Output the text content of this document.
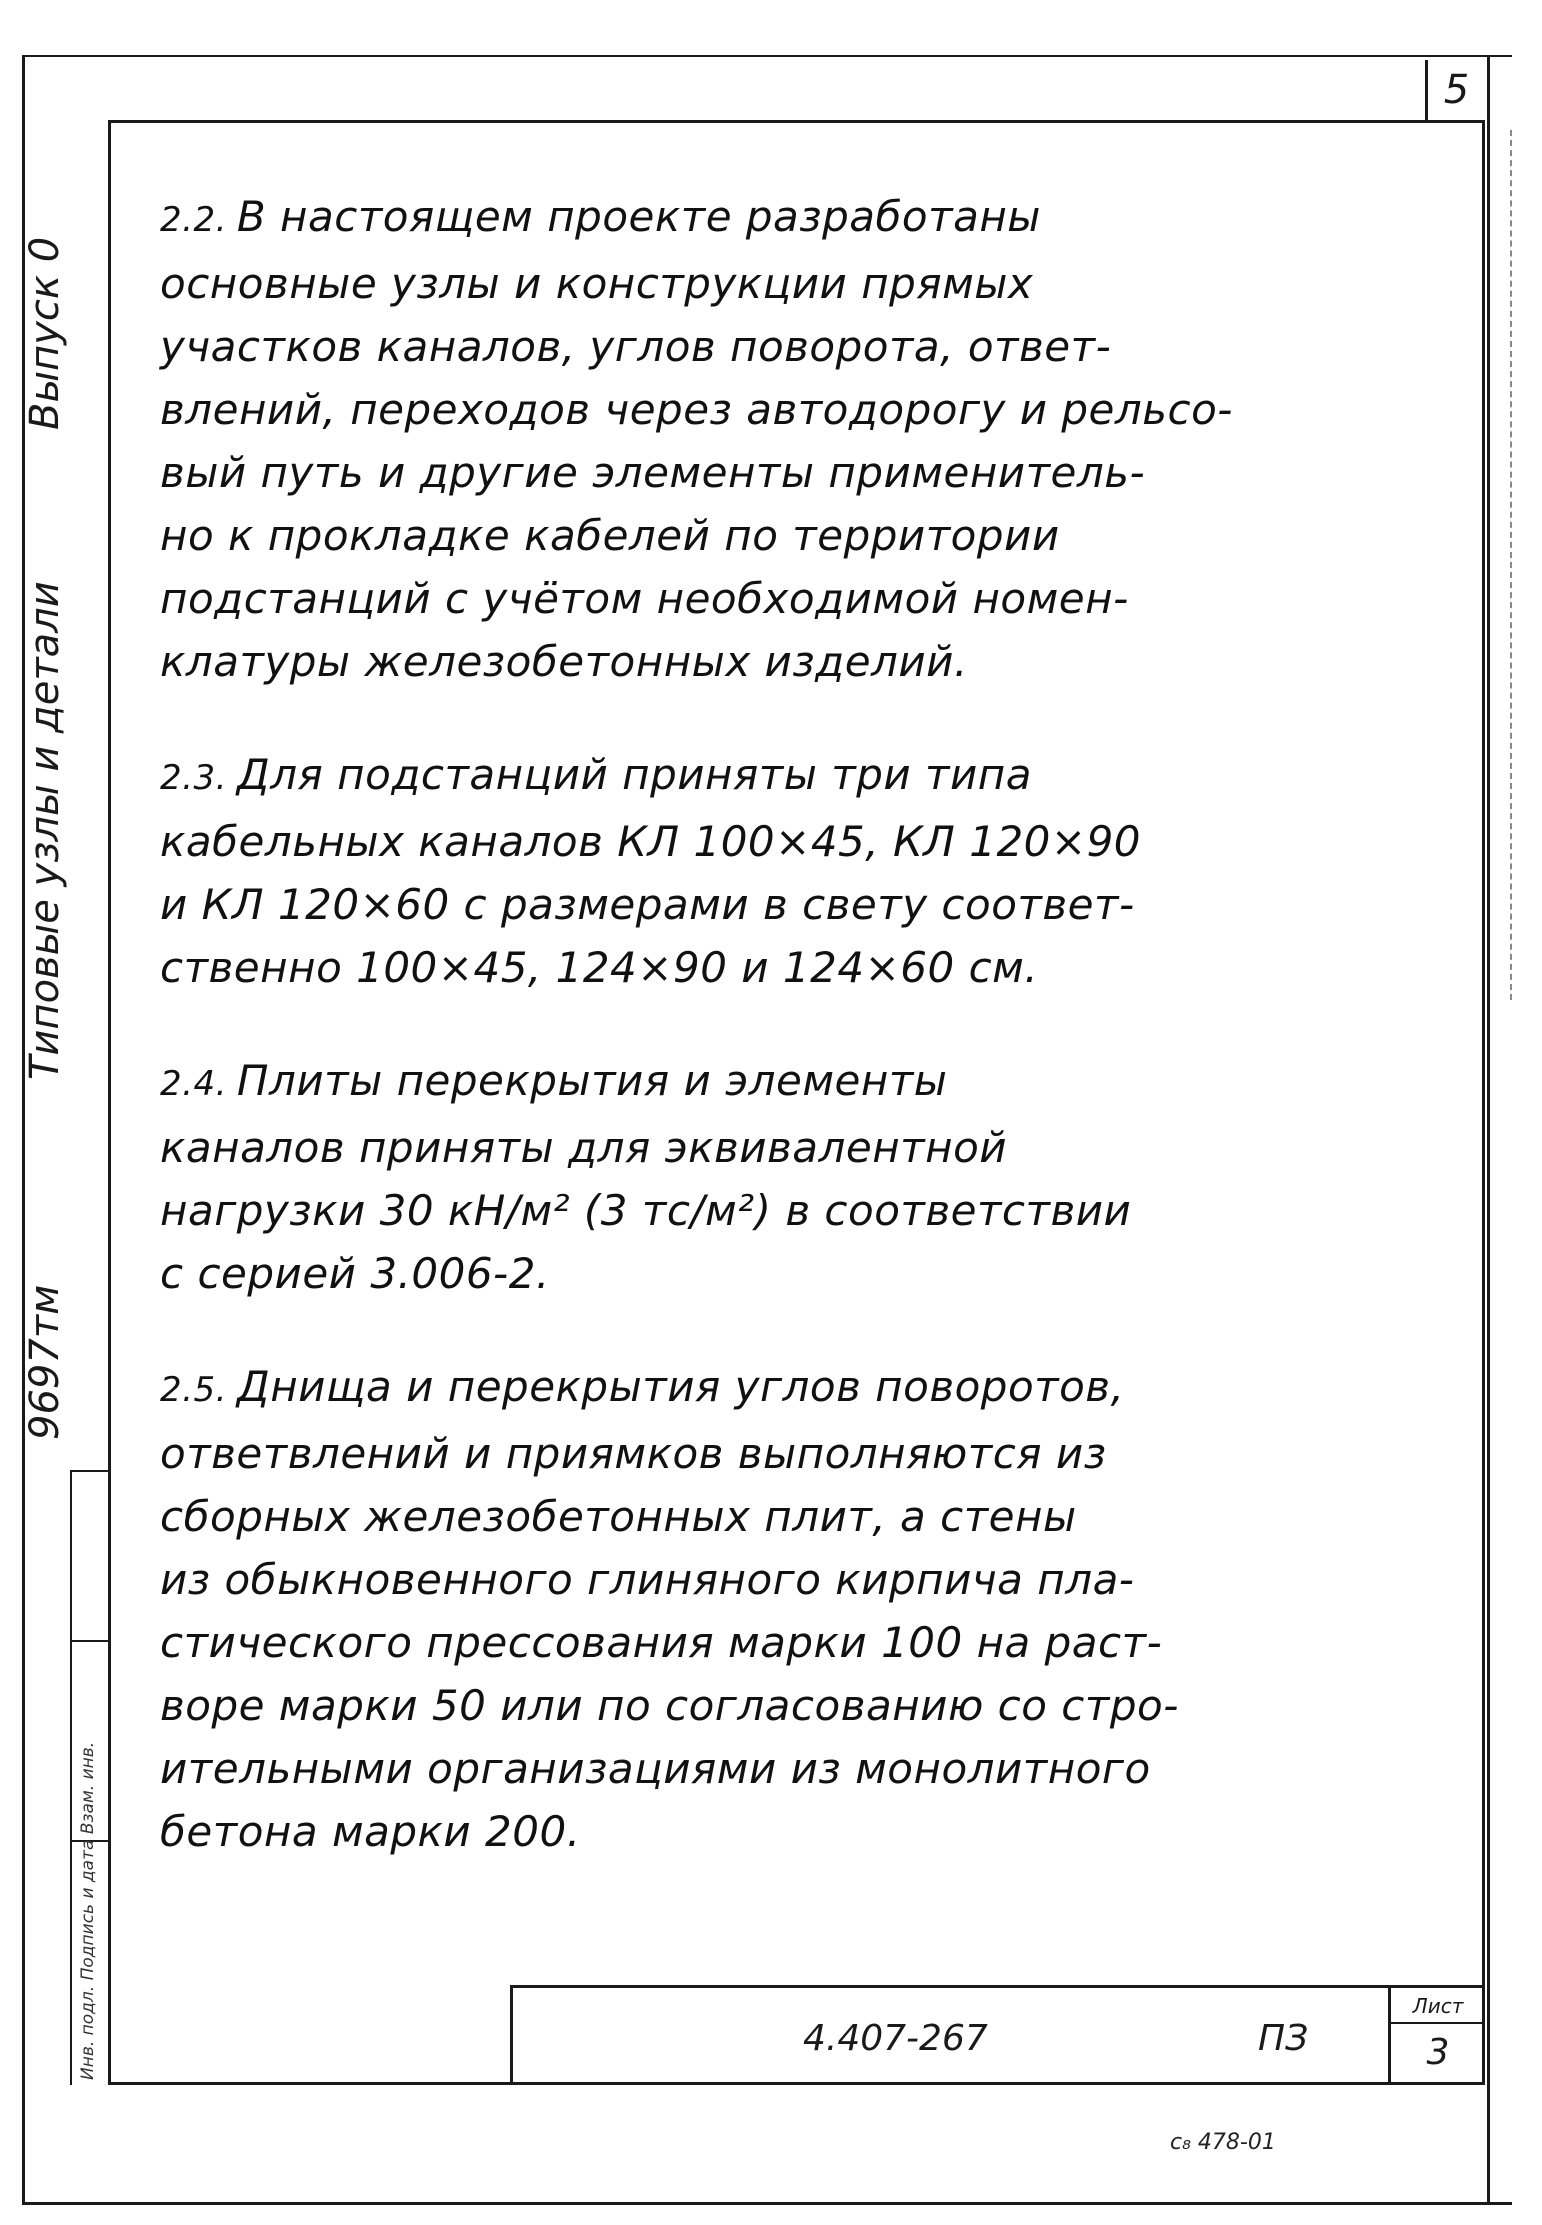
5
Выпуск 0
Типовые узлы и детали
9697тм
Инв. подл. Подпись и дата Взам. инв.
2.2. В настоящем проекте разработаны
основные узлы и конструкции прямых
участков каналов, углов поворота, ответ-
влений, переходов через автодорогу и рельсо-
вый путь и другие элементы применитель-
но к прокладке кабелей по территории
подстанций с учётом необходимой номен-
клатуры железобетонных изделий.
2.3. Для подстанций приняты три типа
кабельных каналов КЛ 100×45, КЛ 120×90
и КЛ 120×60 с размерами в свету соответ-
ственно 100×45, 124×90 и 124×60 см.
2.4. Плиты перекрытия и элементы
каналов приняты для эквивалентной
нагрузки 30 кН/м² (3 тс/м²) в соответствии
с серией 3.006-2.
2.5. Днища и перекрытия углов поворотов,
ответвлений и приямков выполняются из
сборных железобетонных плит, а стены
из обыкновенного глиняного кирпича пла-
стического прессования марки 100 на раст-
воре марки 50 или по согласованию со стро-
ительными организациями из монолитного
бетона марки 200.
4.407-267	ПЗ
Лист
3
с₈ 478-01
